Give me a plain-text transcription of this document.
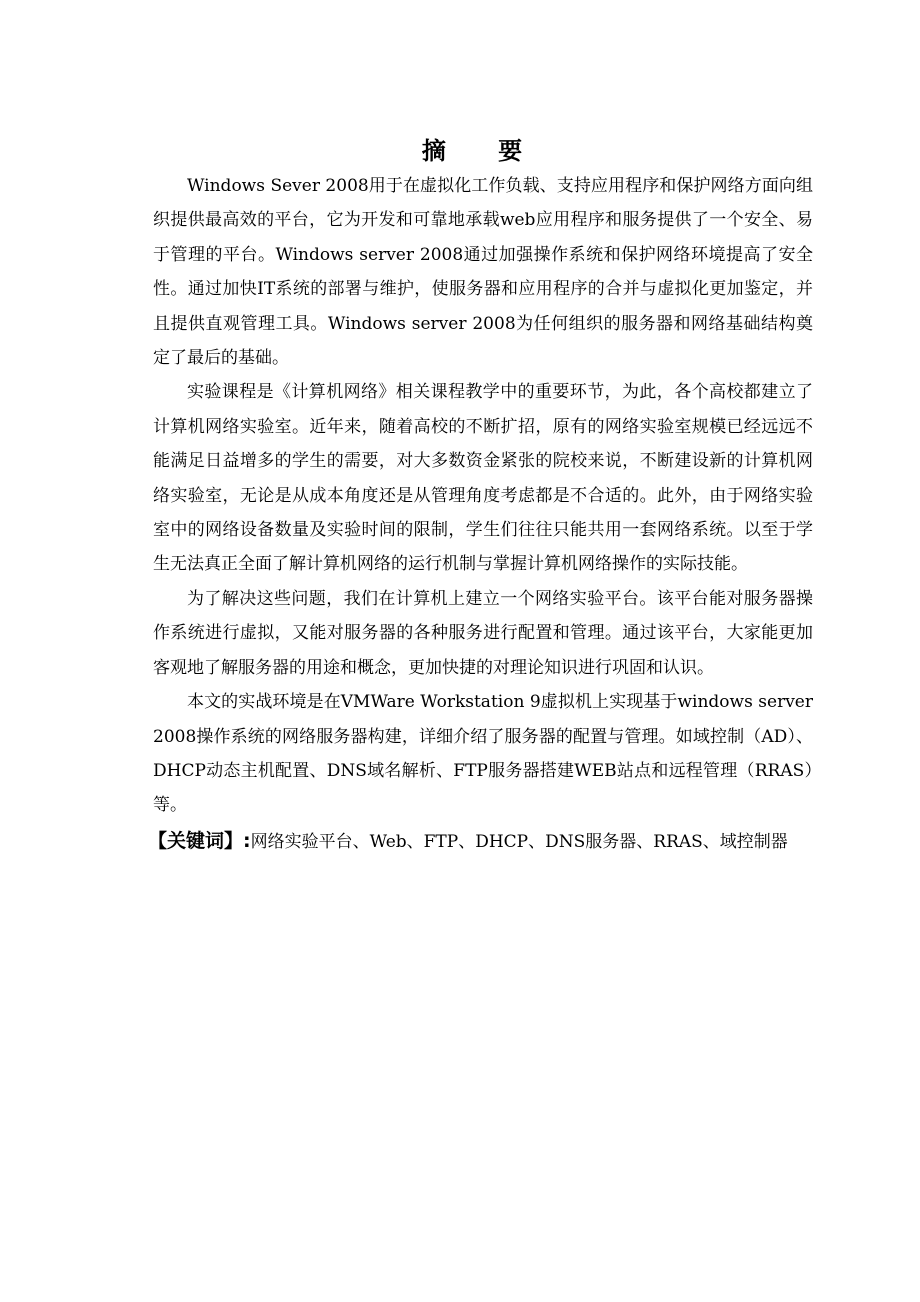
摘 要

Windows Sever 2008用于在虚拟化工作负载、支持应用程序和保护网络方面向组织提供最高效的平台，它为开发和可靠地承载web应用程序和服务提供了一个安全、易于管理的平台。Windows server 2008通过加强操作系统和保护网络环境提高了安全性。通过加快IT系统的部署与维护，使服务器和应用程序的合并与虚拟化更加鉴定，并且提供直观管理工具。Windows server 2008为任何组织的服务器和网络基础结构奠定了最后的基础。

实验课程是《计算机网络》相关课程教学中的重要环节，为此，各个高校都建立了计算机网络实验室。近年来，随着高校的不断扩招，原有的网络实验室规模已经远远不能满足日益增多的学生的需要，对大多数资金紧张的院校来说，不断建设新的计算机网络实验室，无论是从成本角度还是从管理角度考虑都是不合适的。此外，由于网络实验室中的网络设备数量及实验时间的限制，学生们往往只能共用一套网络系统。以至于学生无法真正全面了解计算机网络的运行机制与掌握计算机网络操作的实际技能。

为了解决这些问题，我们在计算机上建立一个网络实验平台。该平台能对服务器操作系统进行虚拟，又能对服务器的各种服务进行配置和管理。通过该平台，大家能更加客观地了解服务器的用途和概念，更加快捷的对理论知识进行巩固和认识。

本文的实战环境是在VMWare Workstation 9虚拟机上实现基于windows server 2008操作系统的网络服务器构建，详细介绍了服务器的配置与管理。如域控制（AD）、DHCP动态主机配置、DNS域名解析、FTP服务器搭建WEB站点和远程管理（RRAS）等。

【关键词】:网络实验平台、Web、FTP、DHCP、DNS服务器、RRAS、域控制器
